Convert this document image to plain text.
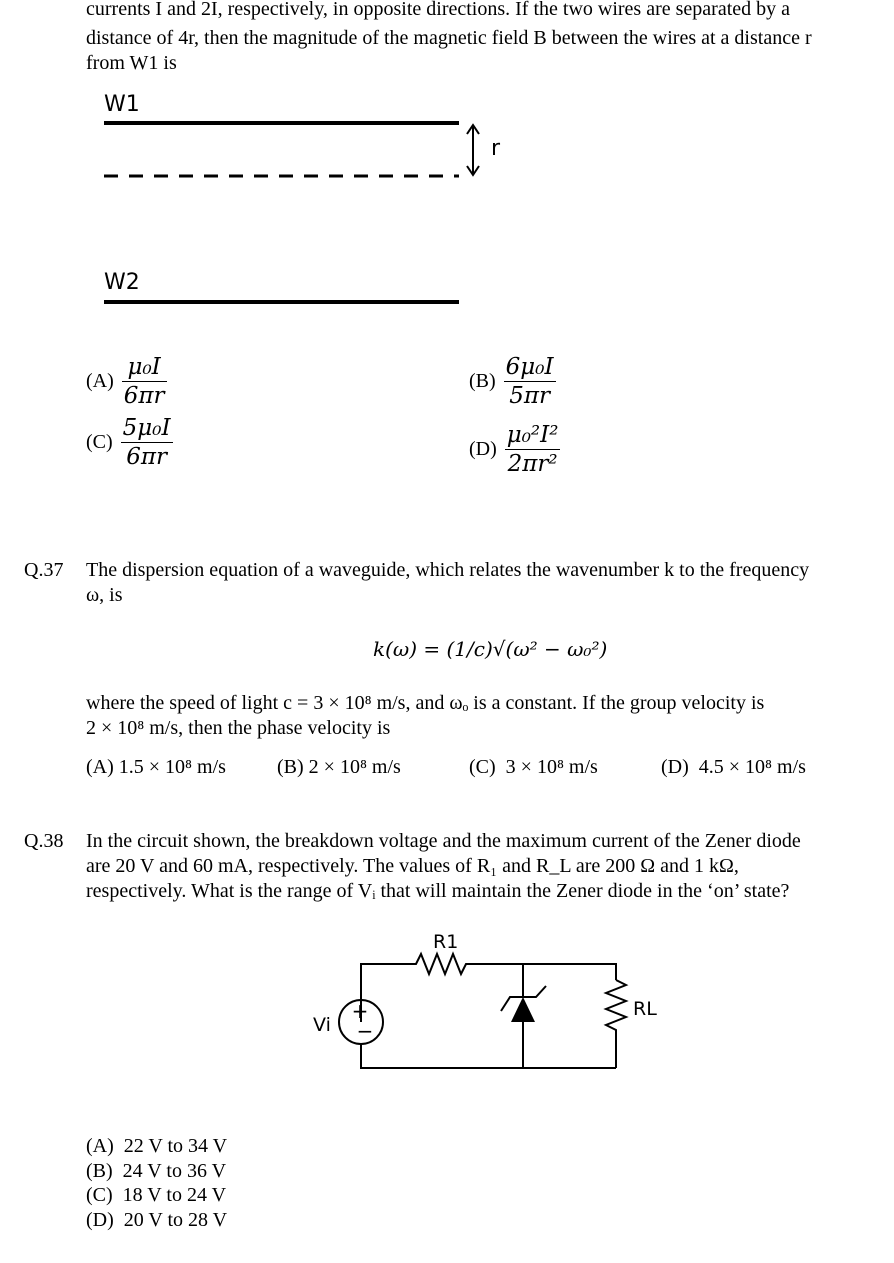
currents I and 2I, respectively, in opposite directions. If the two wires are separated by a
distance of 4r, then the magnitude of the magnetic field B between the wires at a distance r
from W1 is
W1
r
W2
$(A) \frac{\text{μ₀I}}{6\pi r}$	$(B) \frac{\text{6μ₀I}}{5\pi r}$
$(C) \frac{\text{5μ₀I}}{6\pi r}$	$(D) \frac{\text{μ₀²I²}}{\text{2πr²}}$
Q.37 The dispersion equation of a waveguide, which relates the wavenumber k to the frequency
ω, is
k(ω) = (1/c)√(ω² − ω₀²)
where the speed of light c = 3 × 10⁸ m/s, and ωₒ is a constant. If the group velocity is
2 × 10⁸ m/s, then the phase velocity is
(A) 1.5 × 10⁸ m/s	(B) 2 × 10⁸ m/s	(C) 3 × 10⁸ m/s	(D) 4.5 × 10⁸ m/s
Q.38 In the circuit shown, the breakdown voltage and the maximum current of the Zener diode
are 20 V and 60 mA, respectively. The values of R₁ and R_L are 200 Ω and 1 kΩ,
respectively. What is the range of Vᵢ that will maintain the Zener diode in the ‘on’ state?
+
−
R1
RL
Vi
(A) 22 V to 34 V
(B) 24 V to 36 V
(C) 18 V to 24 V
(D) 20 V to 28 V
